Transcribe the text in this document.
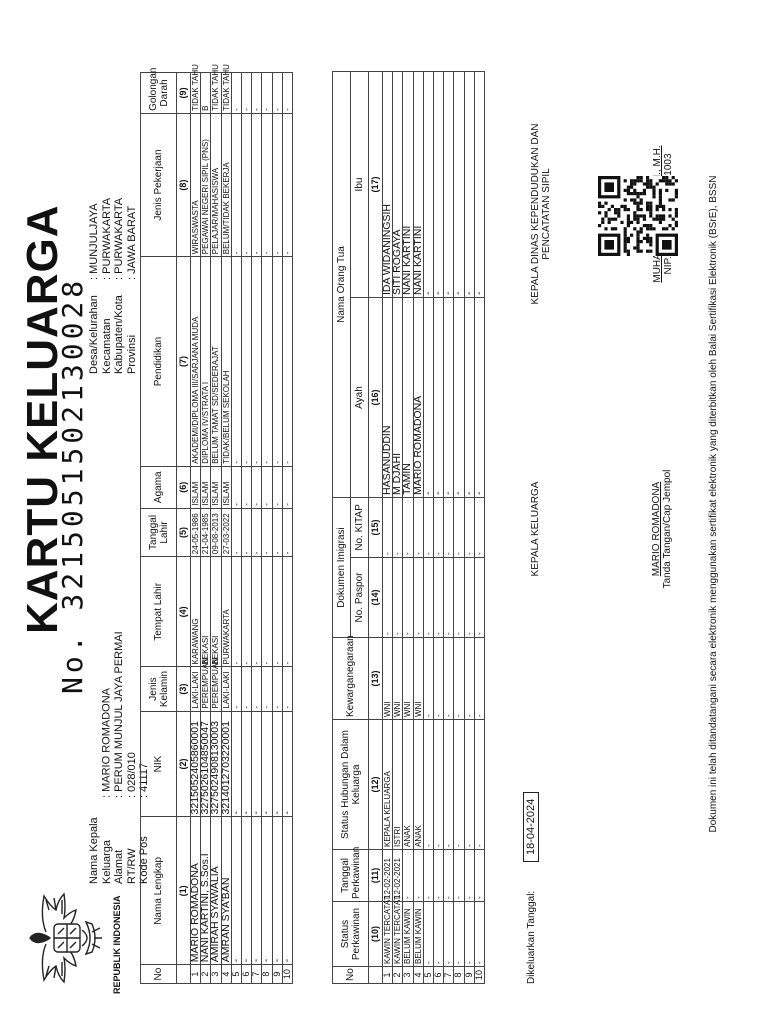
REPUBLIK INDONESIA
KARTU KELUARGA
No. 3215051502130028
Nama Kepala Keluarga: MARIO ROMADONA
Alamat: PERUM MUNJUL JAYA PERMAI
RT/RW: 028/010
Kode Pos: 41117
Desa/Kelurahan: MUNJULJAYA
Kecamatan: PURWAKARTA
Kabupaten/Kota: PURWAKARTA
Provinsi: JAWA BARAT
No	Nama Lengkap	NIK	Jenis Kelamin	Tempat Lahir	Tanggal Lahir	Agama	Pendidikan	Jenis Pekerjaan	Golongan Darah
	(1)	(2)	(3)	(4)	(5)	(6)	(7)	(8)	(9)
1	MARIO ROMADONA	3215052405860001	LAKI-LAKI	KARAWANG	24-05-1986	ISLAM	AKADEMI/DIPLOMA III/SARJANA MUDA	WIRASWASTA	TIDAK TAHU
2	NANI KARTINI, S.Sos.I	3275026104850047	PEREMPUAN	BEKASI	21-04-1985	ISLAM	DIPLOMA IV/STRATA I	PEGAWAI NEGERI SIPIL (PNS)	B
3	AMIRAH SYAWALIA	3275024908130003	PEREMPUAN	BEKASI	09-08-2013	ISLAM	BELUM TAMAT SD/SEDERAJAT	PELAJAR/MAHASISWA	TIDAK TAHU
4	AMRAN SYA'BAN	3214012703220001	LAKI-LAKI	PURWAKARTA	27-03-2022	ISLAM	TIDAK/BELUM SEKOLAH	BELUM/TIDAK BEKERJA	TIDAK TAHU
5	-	-	-	-	-	-	-	-	-
6	-	-	-	-	-	-	-	-	-
7	-	-	-	-	-	-	-	-	-
8	-	-	-	-	-	-	-	-	-
9	-	-	-	-	-	-	-	-	-
10	-	-	-	-	-	-	-	-	-
No	Status Perkawinan	Tanggal Perkawinan	Status Hubungan Dalam Keluarga	Kewarganegaraan	Dokumen Imigrasi		Nama Orang Tua	
					No. Paspor	No. KITAP	Ayah	Ibu
	(10)	(11)	(12)	(13)	(14)	(15)	(16)	(17)
1	KAWIN TERCATAT	12-02-2021	KEPALA KELUARGA	WNI	-	-	HASANUDDIN	IDA WIDANINGSIH
2	KAWIN TERCATAT	12-02-2021	ISTRI	WNI	-	-	M DJAHI	SITI ROGAYA
3	BELUM KAWIN	-	ANAK	WNI	-	-	TAMIN	NANI KARTINI
4	BELUM KAWIN	-	ANAK	WNI	-	-	MARIO ROMADONA	NANI KARTINI
5	-	-	-	-	-	-	-	-
6	-	-	-	-	-	-	-	-
7	-	-	-	-	-	-	-	-
8	-	-	-	-	-	-	-	-
9	-	-	-	-	-	-	-	-
10	-	-	-	-	-	-	-	-
Dikeluarkan Tanggal: 18-04-2024
KEPALA KELUARGA	MARIO ROMADONA Tanda Tangan/Cap Jempol
KEPALA DINAS KEPENDUDUKAN DAN PENCATATAN SIPIL	Dokumen ini telah ditandatangani secara elektronik menggunakan sertifikat elektronik yang diterbitkan oleh Balai Sertifikasi Elektronik (BSrE), BSSN
